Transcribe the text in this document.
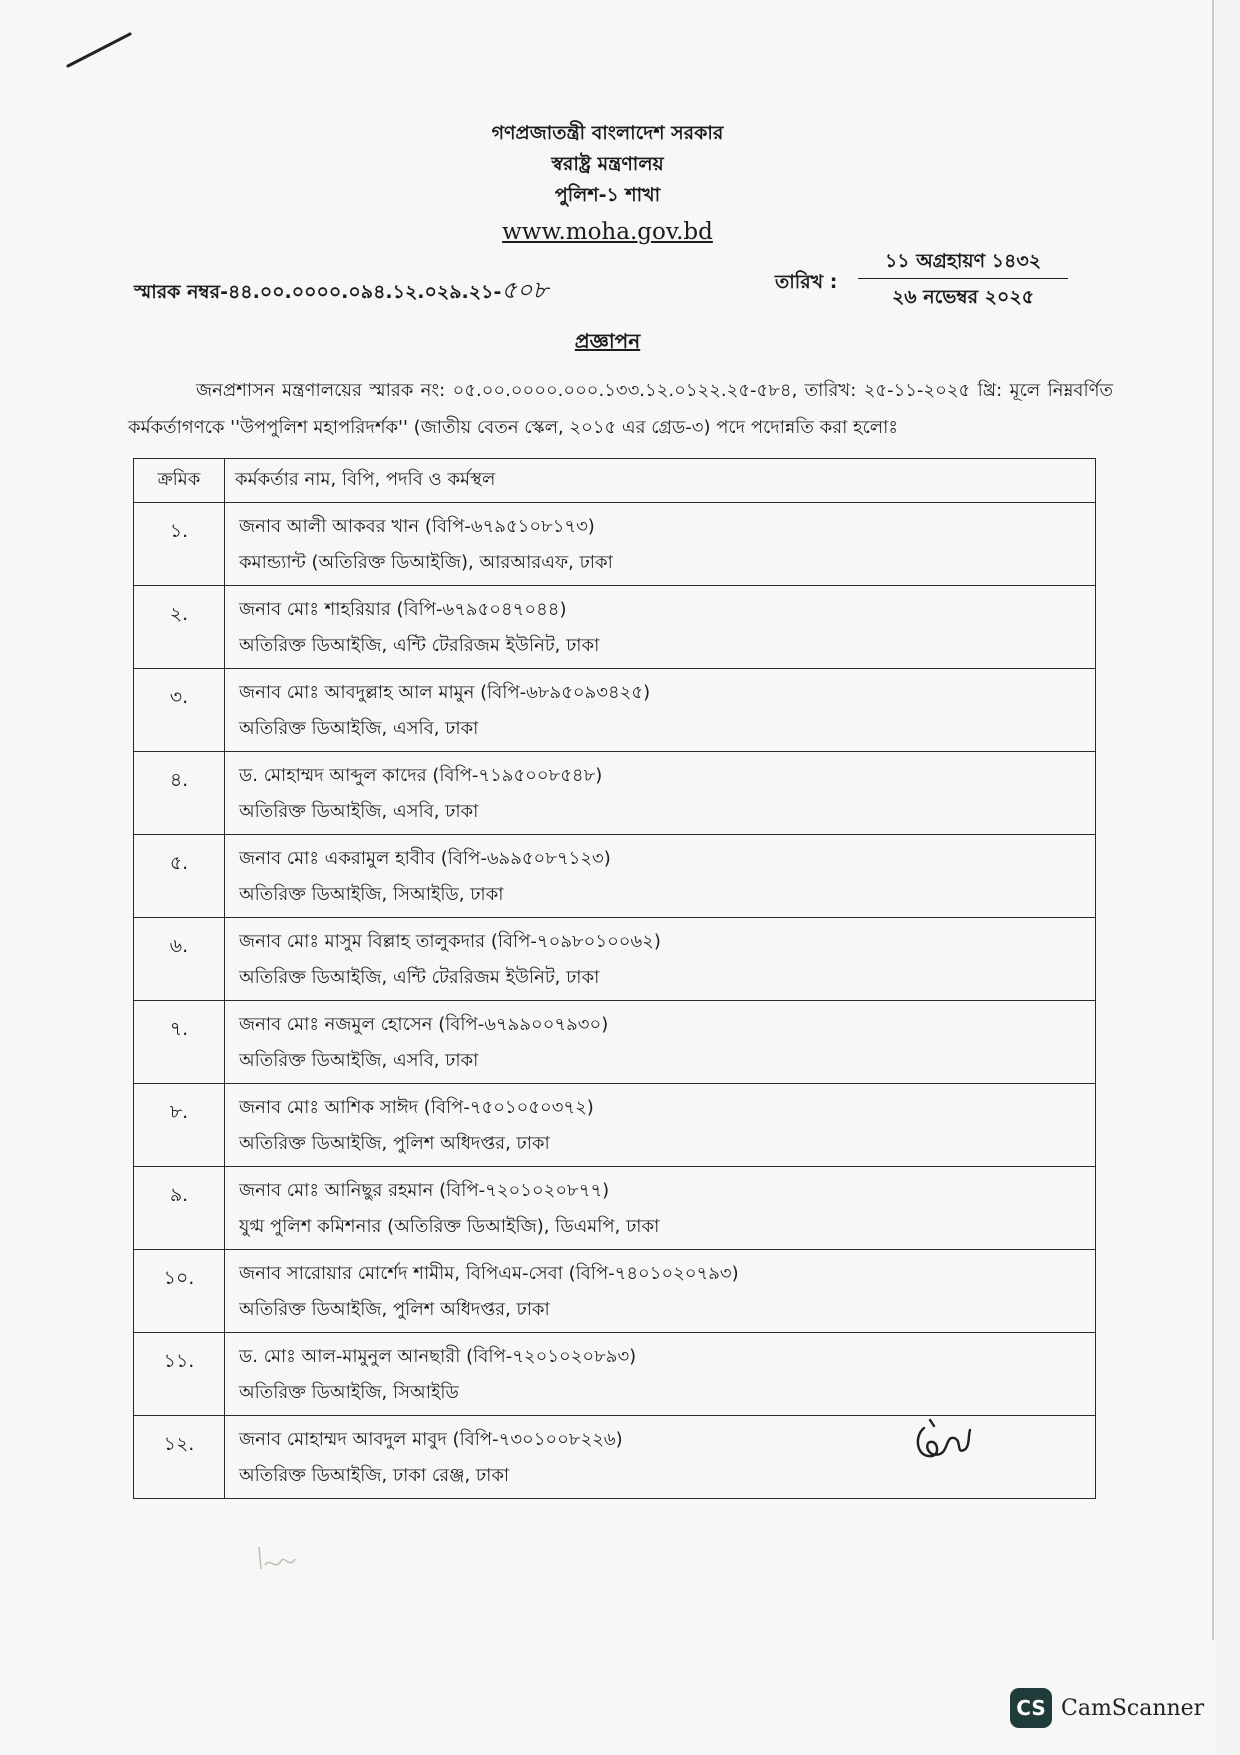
গণপ্রজাতন্ত্রী বাংলাদেশ সরকার
স্বরাষ্ট্র মন্ত্রণালয়
পুলিশ-১ শাখা
www.moha.gov.bd
স্মারক নম্বর-৪৪.০০.০০০০.০৯৪.১২.০২৯.২১-৫০৮	তারিখ :
১১ অগ্রহায়ণ ১৪৩২
২৬ নভেম্বর ২০২৫
প্রজ্ঞাপন
জনপ্রশাসন মন্ত্রণালয়ের স্মারক নং: ০৫.০০.০০০০.০০০.১৩৩.১২.০১২২.২৫-৫৮৪, তারিখ: ২৫-১১-২০২৫ খ্রি: মূলে নিম্নবর্ণিত কর্মকর্তাগণকে ''উপপুলিশ মহাপরিদর্শক'' (জাতীয় বেতন স্কেল, ২০১৫ এর গ্রেড-৩) পদে পদোন্নতি করা হলোঃ
ক্রমিক	কর্মকর্তার নাম, বিপি, পদবি ও কর্মস্থল
১.	জনাব আলী আকবর খান (বিপি-৬৭৯৫১০৮১৭৩)
কমান্ড্যান্ট (অতিরিক্ত ডিআইজি), আরআরএফ, ঢাকা

২.	জনাব মোঃ শাহরিয়ার (বিপি-৬৭৯৫০৪৭০৪৪)
অতিরিক্ত ডিআইজি, এন্টি টেররিজম ইউনিট, ঢাকা

৩.	জনাব মোঃ আবদুল্লাহ আল মামুন (বিপি-৬৮৯৫০৯৩৪২৫)
অতিরিক্ত ডিআইজি, এসবি, ঢাকা

৪.	ড. মোহাম্মদ আব্দুল কাদের (বিপি-৭১৯৫০০৮৫৪৮)
অতিরিক্ত ডিআইজি, এসবি, ঢাকা

৫.	জনাব মোঃ একরামুল হাবীব (বিপি-৬৯৯৫০৮৭১২৩)
অতিরিক্ত ডিআইজি, সিআইডি, ঢাকা

৬.	জনাব মোঃ মাসুম বিল্লাহ তালুকদার (বিপি-৭০৯৮০১০০৬২)
অতিরিক্ত ডিআইজি, এন্টি টেররিজম ইউনিট, ঢাকা

৭.	জনাব মোঃ নজমুল হোসেন (বিপি-৬৭৯৯০০৭৯৩০)
অতিরিক্ত ডিআইজি, এসবি, ঢাকা

৮.	জনাব মোঃ আশিক সাঈদ (বিপি-৭৫০১০৫০৩৭২)
অতিরিক্ত ডিআইজি, পুলিশ অধিদপ্তর, ঢাকা

৯.	জনাব মোঃ আনিছুর রহমান (বিপি-৭২০১০২০৮৭৭)
যুগ্ম পুলিশ কমিশনার (অতিরিক্ত ডিআইজি), ডিএমপি, ঢাকা

১০.	জনাব সারোয়ার মোর্শেদ শামীম, বিপিএম-সেবা (বিপি-৭৪০১০২০৭৯৩)
অতিরিক্ত ডিআইজি, পুলিশ অধিদপ্তর, ঢাকা

১১.	ড. মোঃ আল-মামুনুল আনছারী (বিপি-৭২০১০২০৮৯৩)
অতিরিক্ত ডিআইজি, সিআইডি

১২.	জনাব মোহাম্মদ আবদুল মাবুদ (বিপি-৭৩০১০০৮২২৬)
অতিরিক্ত ডিআইজি, ঢাকা রেঞ্জ, ঢাকা
CS CamScanner
